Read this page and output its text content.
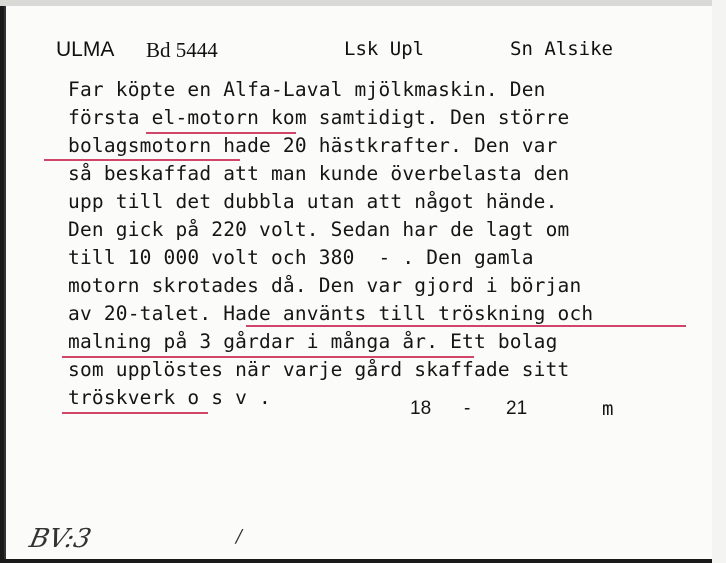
ULMA Bd 5444	Lsk Upl	Sn Alsike
Far köpte en Alfa-Laval mjölkmaskin. Den
första el-motorn kom samtidigt. Den större
bolagsmotorn hade 20 hästkrafter. Den var
så beskaffad att man kunde överbelasta den
upp till det dubbla utan att något hände.
Den gick på 220 volt. Sedan har de lagt om
till 10 000 volt och 380  - . Den gamla
motorn skrotades då. Den var gjord i början
av 20-talet. Hade använts till tröskning och
malning på 3 gårdar i många år. Ett bolag
som upplöstes när varje gård skaffade sitt
tröskverk o s v .	18 - 21	m
BV:3	/
